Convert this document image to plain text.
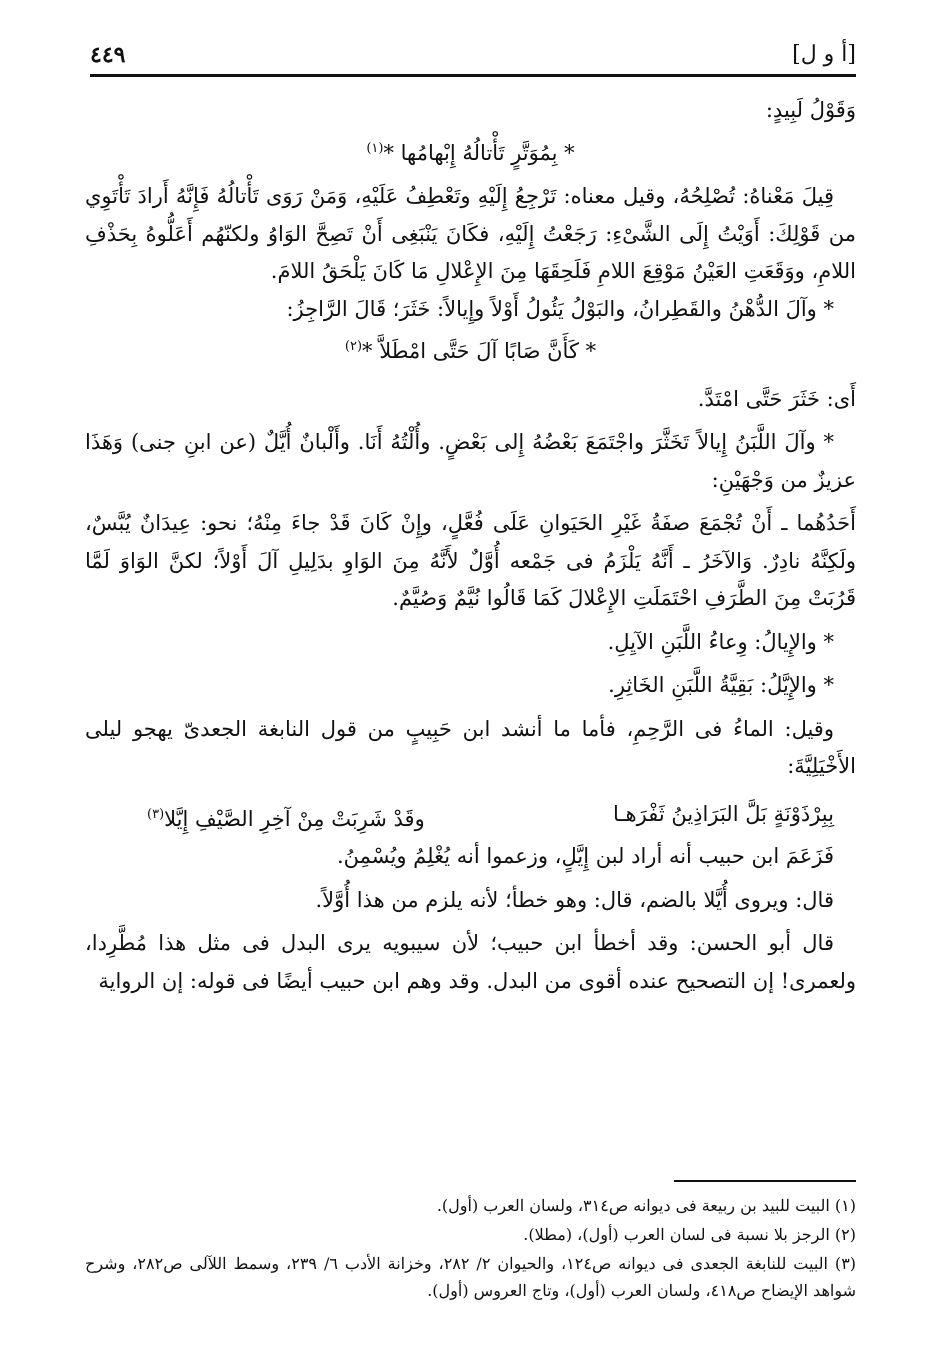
[أ و ل]
٤٤٩

وَقَوْلُ لَبِيدٍ:

* بِمُوَتَّرٍ تَأْتالُهُ إِبْهامُها *$^{(١)}$

قِيلَ مَعْناهُ: تُصْلِحُهُ، وقيل معناه: تَرْجِعُ إِلَيْهِ وتَعْطِفُ عَلَيْهِ، وَمَنْ رَوَى تَأْتالُهُ فَإِنَّهُ أَرادَ تَأْتَوِي من قَوْلِكَ: أَوَيْتُ إِلَى الشَّىْءِ: رَجَعْتُ إِلَيْهِ، فكَانَ يَنْبَغِى أَنْ تَصِحَّ الوَاوُ ولكنّهُم أَعَلُّوهُ بِحَذْفِ اللامِ، ووَقَعَتِ العَيْنُ مَوْقِعَ اللامِ فَلَحِقَهَا مِنَ الإِعْلالِ مَا كَانَ يَلْحَقُ اللامَ.

* وآلَ الدُّهْنُ والقَطِرانُ، والبَوْلُ يَئُولُ أَوْلاً وإِيالاً: خَثَرَ؛ قَالَ الرَّاجِزُ:

* كَأَنَّ صَابًا آلَ حَتَّى امْطَلاَّ *$^{(٢)}$

أَى: خَثَرَ حَتَّى امْتَدَّ.

* وآلَ اللَّبَنُ إِيالاً تَخَثَّرَ واجْتَمَعَ بَعْضُهُ إِلى بَعْضٍ. وأُلْتُهُ أَنَا. وأَلْبانٌ أُيَّلٌ (عن ابنِ جنى) وَهَذَا عزيزٌ من وَجْهَيْنِ:

أَحَدُهُما ـ أَنْ تُجْمَعَ صفَةُ غَيْرِ الحَيَوانِ عَلَى فُعَّلٍ، وإِنْ كَانَ قَدْ جاءَ مِنْهُ؛ نحو: عِيدَانٌ يُبَّسٌ، ولَكِنَّهُ نادِرٌ. وَالآخَرُ ـ أَنَّهُ يَلْزَمُ فى جَمْعه أُوَّلٌ لأَنَّهُ مِنَ الوَاوِ بدَلِيلِ آلَ أَوْلاً؛ لكنَّ الوَاوَ لَمَّا قَرُبَتْ مِنَ الطَّرَفِ احْتَمَلَتِ الإِعْلالَ كَمَا قَالُوا نُيَّمٌ وَصُيَّمٌ.

* والإِيالُ: وِعاءُ اللَّبَنِ الآيِلِ.

* والإِيَّلُ: بَقِيَّةُ اللَّبَنِ الخَاثِرِ.

وقيل: الماءُ فى الرَّحِمِ، فأما ما أنشد ابن حَبِيبٍ من قول النابغة الجعدىّ يهجو ليلى الأَخْيَلِيَّةَ:

بِبِرْذَوْنَةٍ بَلَّ البَرَاذِينُ ثَفْرَهـا
وقَدْ شَرِبَتْ مِنْ آخِرِ الصَّيْفِ إِيَّلا$^{(٣)}$

فَزَعَمَ ابن حبيب أنه أراد لبن إِيَّلٍ، وزعموا أنه يُغْلِمُ ويُسْمِنُ.

قال: ويروى أُيَّلا بالضم، قال: وهو خطأ؛ لأنه يلزم من هذا أُوَّلاً.

قال أبو الحسن: وقد أخطأ ابن حبيب؛ لأن سيبويه يرى البدل فى مثل هذا مُطَّرِدا، ولعمرى! إن التصحيح عنده أقوى من البدل. وقد وهم ابن حبيب أيضًا فى قوله: إن الرواية

(١) البيت للبيد بن ربيعة فى ديوانه ص٣١٤، ولسان العرب (أول).

(٢) الرجز بلا نسبة فى لسان العرب (أول)، (مطلا).

(٣) البيت للنابغة الجعدى فى ديوانه ص١٢٤، والحيوان ٢/ ٢٨٢، وخزانة الأدب ٦/ ٢٣٩، وسمط اللآلى ص٢٨٢، وشرح شواهد الإيضاح ص٤١٨، ولسان العرب (أول)، وتاج العروس (أول).
